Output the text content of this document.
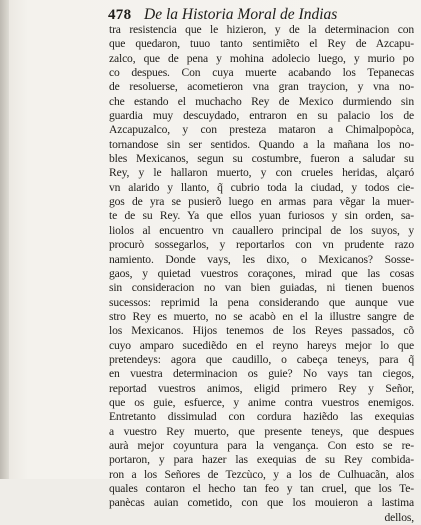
478 De la Historia Moral de Indias
tra resistencia que le hizieron, y de la determinacion con
que quedaron, tuuo tanto sentimiẽto el Rey de Azcapu-
zalco, que de pena y mohina adolecio luego, y murio po
co despues. Con cuya muerte acabando los Tepanecas
de resoluerse, acometieron vna gran traycion, y vna no-
che estando el muchacho Rey de Mexico durmiendo sin
guardia muy descuydado, entraron en su palacio los de
Azcapuzalco, y con presteza mataron a Chimalpopòca,
tornandose sin ser sentidos. Quando a la mañana los no-
bles Mexicanos, segun su costumbre, fueron a saludar su
Rey, y le hallaron muerto, y con crueles heridas, alçaró
vn alarido y llanto, q̃ cubrio toda la ciudad, y todos cie-
gos de yra se pusierõ luego en armas para vẽgar la muer-
te de su Rey. Ya que ellos yuan furiosos y sin orden, sa-
liolos al encuentro vn cauallero principal de los suyos, y
procurò sossegarlos, y reportarlos con vn prudente razo
namiento. Donde vays, les dixo, o Mexicanos? Sosse-
gaos, y quietad vuestros coraçones, mirad que las cosas
sin consideracion no van bien guiadas, ni tienen buenos
sucessos: reprimid la pena considerando que aunque vue
stro Rey es muerto, no se acabò en el la illustre sangre de
los Mexicanos. Hijos tenemos de los Reyes passados, cõ
cuyo amparo sucediẽdo en el reyno hareys mejor lo que
pretendeys: agora que caudillo, o cabeça teneys, para q̃
en vuestra determinacion os guie? No vays tan ciegos,
reportad vuestros animos, eligid primero Rey y Señor,
que os guie, esfuerce, y anime contra vuestros enemigos.
Entretanto dissimulad con cordura haziẽdo las exequias
a vuestro Rey muerto, que presente teneys, que despues
aurà mejor coyuntura para la vengança. Con esto se re-
portaron, y para hazer las exequias de su Rey combida-
ron a los Señores de Tezcùco, y a los de Culhuacãn, alos
quales contaron el hecho tan feo y tan cruel, que los Te-
panècas auian cometido, con que los mouieron a lastima
dellos,
